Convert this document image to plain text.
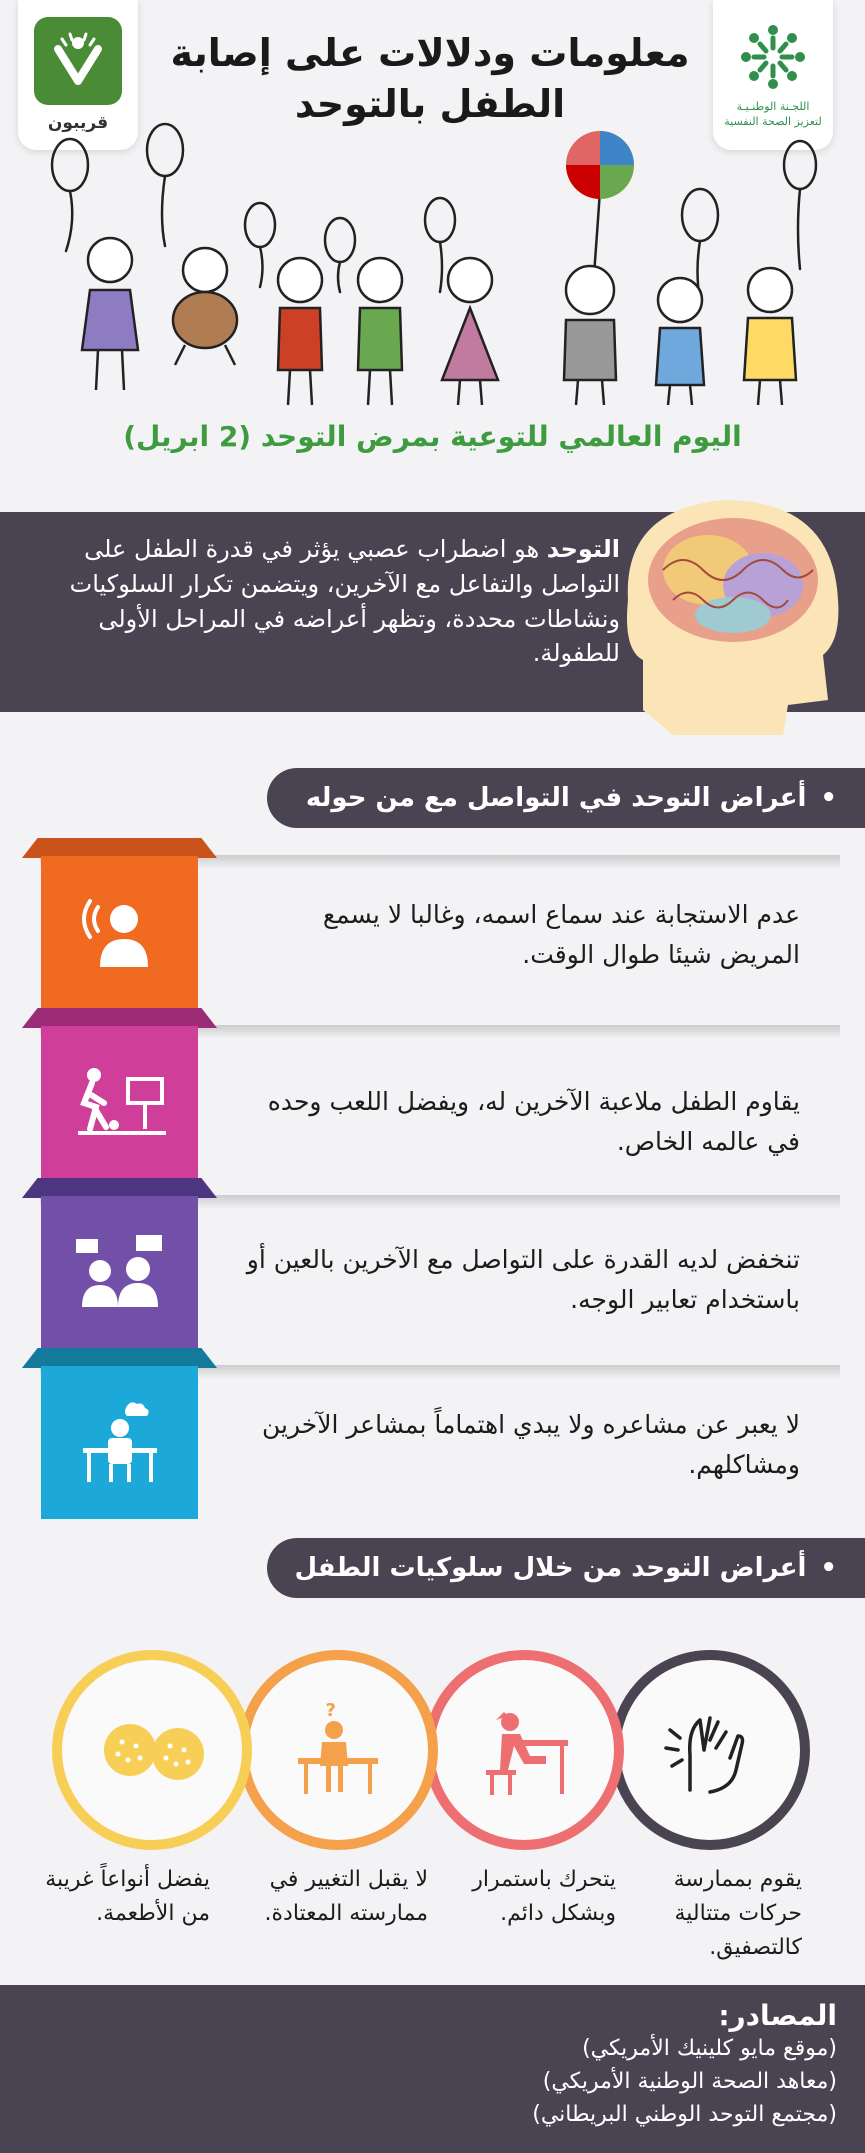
قريبون
اللجـنة الوطنـيـة
لتعزيز الصحة النفسية
معلومات ودلالات على إصابة
الطفل بالتوحد
اليوم العالمي للتوعية بمرض التوحد (2 ابريل)
التوحد هو اضطراب عصبي يؤثر في قدرة الطفل على التواصل والتفاعل مع الآخرين، ويتضمن تكرار السلوكيات ونشاطات محددة، وتظهر أعراضه في المراحل الأولى للطفولة.
•
أعراض التوحد في التواصل مع من حوله
عدم الاستجابة عند سماع اسمه، وغالبا لا يسمع المريض شيئا طوال الوقت.
يقاوم الطفل ملاعبة الآخرين له، ويفضل اللعب وحده في عالمه الخاص.
تنخفض لديه القدرة على التواصل مع الآخرين بالعين أو باستخدام تعابير الوجه.
لا يعبر عن مشاعره ولا يبدي اهتماماً بمشاعر الآخرين ومشاكلهم.
•
أعراض التوحد من خلال سلوكيات الطفل
?
يقوم بممارسة حركات متتالية كالتصفيق.
يتحرك باستمرار وبشكل دائم.
لا يقبل التغيير في ممارسته المعتادة.
يفضل أنواعاً غريبة من الأطعمة.
المصادر:
(موقع مايو كلينيك الأمريكي)
(معاهد الصحة الوطنية الأمريكي)
(مجتمع التوحد الوطني البريطاني)
